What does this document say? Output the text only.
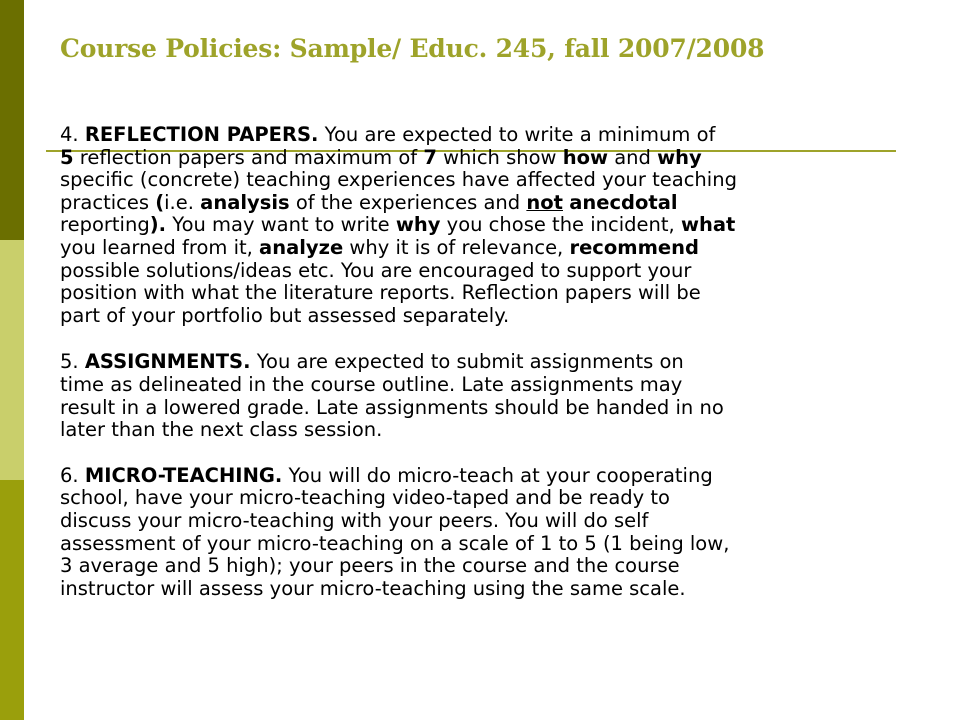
Course Policies: Sample/ Educ. 245, fall 2007/2008
4. REFLECTION PAPERS. You are expected to write a minimum of
5 reflection papers and maximum of 7 which show how and why
specific (concrete) teaching experiences have affected your teaching
practices (i.e. analysis of the experiences and not anecdotal
reporting). You may want to write why you chose the incident, what
you learned from it, analyze why it is of relevance, recommend
possible solutions/ideas etc. You are encouraged to support your
position with what the literature reports. Reflection papers will be
part of your portfolio but assessed separately.
5. ASSIGNMENTS. You are expected to submit assignments on
time as delineated in the course outline. Late assignments may
result in a lowered grade. Late assignments should be handed in no
later than the next class session.
6. MICRO-TEACHING. You will do micro-teach at your cooperating
school, have your micro-teaching video-taped and be ready to
discuss your micro-teaching with your peers. You will do self
assessment of your micro-teaching on a scale of 1 to 5 (1 being low,
3 average and 5 high); your peers in the course and the course
instructor will assess your micro-teaching using the same scale.
